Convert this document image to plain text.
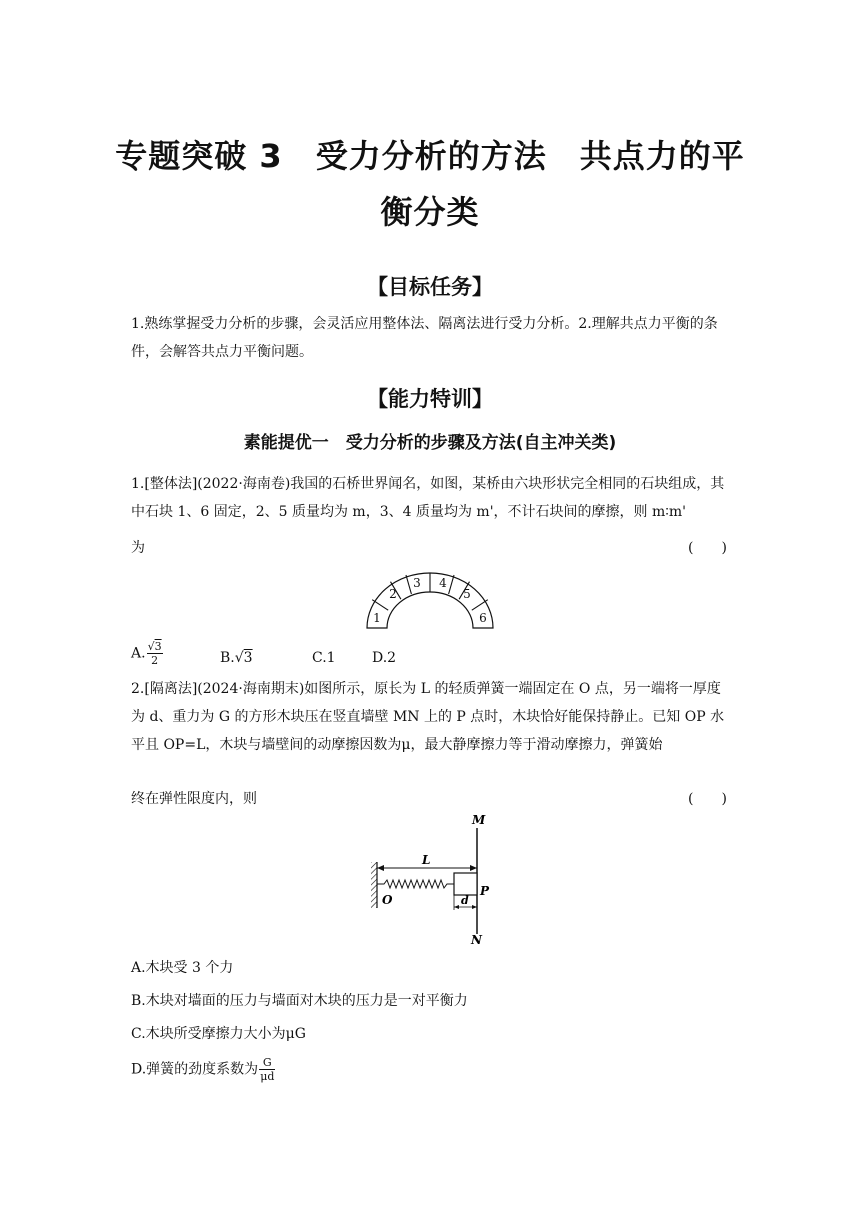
专题突破 3　受力分析的方法　共点力的平
衡分类
【目标任务】
1.熟练掌握受力分析的步骤，会灵活应用整体法、隔离法进行受力分析。2.理解共点力平衡的条件，会解答共点力平衡问题。
【能力特训】
素能提优一　受力分析的步骤及方法(自主冲关类)
1.[整体法](2022·海南卷)我国的石桥世界闻名，如图，某桥由六块形状完全相同的石块组成，其中石块 1、6 固定，2、5 质量均为 m，3、4 质量均为 m'，不计石块间的摩擦，则 m∶m'
为	(　　)
1
2
3 4
5
6
A. $\frac{√3}{2}$	B.√3	C.1	D.2
2.[隔离法](2024·海南期末)如图所示，原长为 L 的轻质弹簧一端固定在 O 点，另一端将一厚度为 d、重力为 G 的方形木块压在竖直墙壁 MN 上的 P 点时，木块恰好能保持静止。已知 OP 水平且 OP=L，木块与墙壁间的动摩擦因数为μ，最大静摩擦力等于滑动摩擦力，弹簧始
终在弹性限度内，则	(　　)
M
N
L
O
P
d
A.木块受 3 个力
B.木块对墙面的压力与墙面对木块的压力是一对平衡力
C.木块所受摩擦力大小为μG
D.弹簧的劲度系数为 $\frac{G}{\mu d}$
